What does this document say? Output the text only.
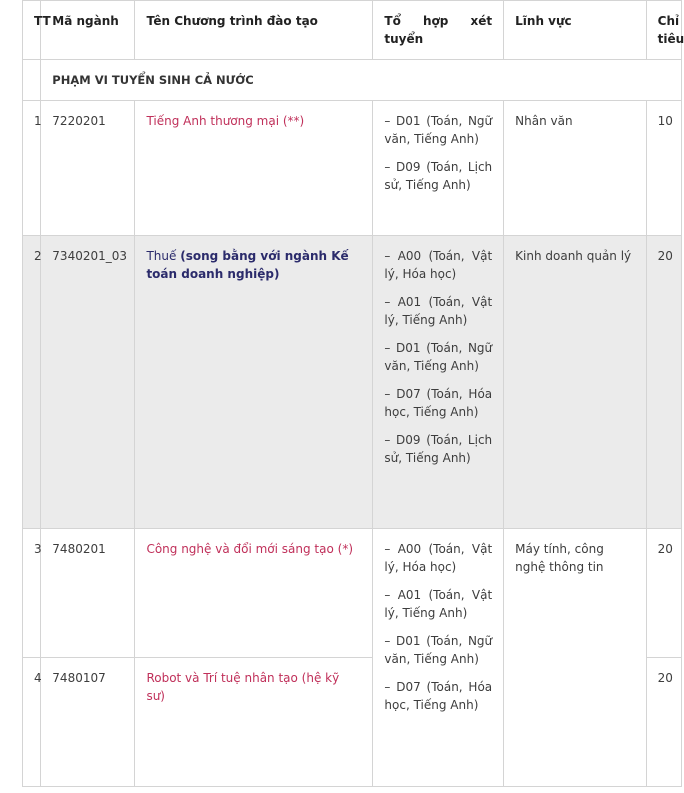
TT	Mã ngành	Tên Chương trình đào tạo	Tổ hợp xét tuyển	Lĩnh vực	Chỉ tiêu
	PHẠM VI TUYỂN SINH CẢ NƯỚC				
1	7220201	Tiếng Anh thương mại (**)	– D01 (Toán, Ngữ văn, Tiếng Anh)

– D09 (Toán, Lịch sử, Tiếng Anh)	Nhân văn	10
2	7340201_03	Thuế (song bằng với ngành Kế toán doanh nghiệp)	– A00 (Toán, Vật lý, Hóa học)

– A01 (Toán, Vật lý, Tiếng Anh)

– D01 (Toán, Ngữ văn, Tiếng Anh)

– D07 (Toán, Hóa học, Tiếng Anh)

– D09 (Toán, Lịch sử, Tiếng Anh)	Kinh doanh quản lý	20
3	7480201	Công nghệ và đổi mới sáng tạo (*)	– A00 (Toán, Vật lý, Hóa học)

– A01 (Toán, Vật lý, Tiếng Anh)

– D01 (Toán, Ngữ văn, Tiếng Anh)

– D07 (Toán, Hóa học, Tiếng Anh)	Máy tính, công nghệ thông tin	20
4	7480107	Robot và Trí tuệ nhân tạo (hệ kỹ sư)			20
